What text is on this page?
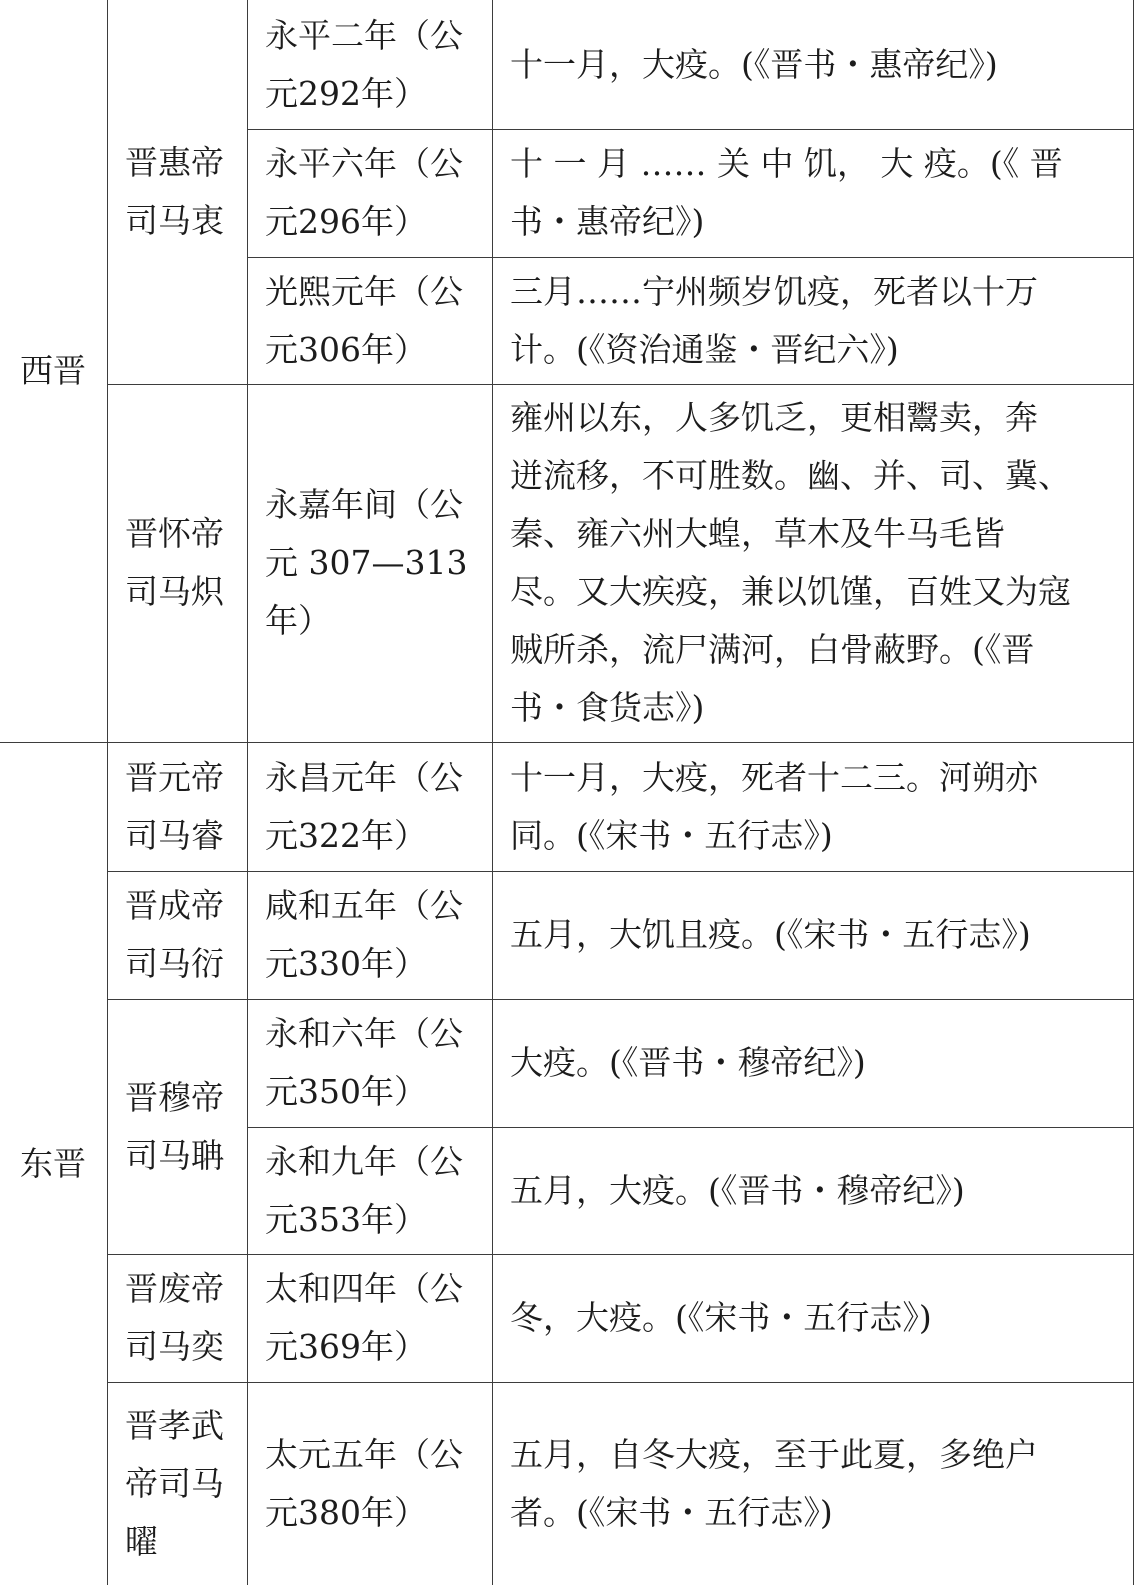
西晋
东晋
晋惠帝
司马衷
晋怀帝
司马炽
晋元帝
司马睿
晋成帝
司马衍
晋穆帝
司马聃
晋废帝
司马奕
晋孝武
帝司马
曜
永平二年（公
元292年）
永平六年（公
元296年）
光熙元年（公
元306年）
永嘉年间（公
元 307—313
年）
永昌元年（公
元322年）
咸和五年（公
元330年）
永和六年（公
元350年）
永和九年（公
元353年）
太和四年（公
元369年）
太元五年（公
元380年）
十一月，大疫。(《晋书・惠帝纪》)
十 一 月 …… 关 中 饥， 大 疫。(《 晋
书・惠帝纪》)
三月……宁州频岁饥疫，死者以十万
计。(《资治通鉴・晋纪六》)
雍州以东，人多饥乏，更相鬻卖，奔
迸流移，不可胜数。幽、并、司、冀、
秦、雍六州大蝗，草木及牛马毛皆
尽。又大疾疫，兼以饥馑，百姓又为寇
贼所杀，流尸满河，白骨蔽野。(《晋
书・食货志》)
十一月，大疫，死者十二三。河朔亦
同。(《宋书・五行志》)
五月，大饥且疫。(《宋书・五行志》)
大疫。(《晋书・穆帝纪》)
五月，大疫。(《晋书・穆帝纪》)
冬，大疫。(《宋书・五行志》)
五月，自冬大疫，至于此夏，多绝户
者。(《宋书・五行志》)
